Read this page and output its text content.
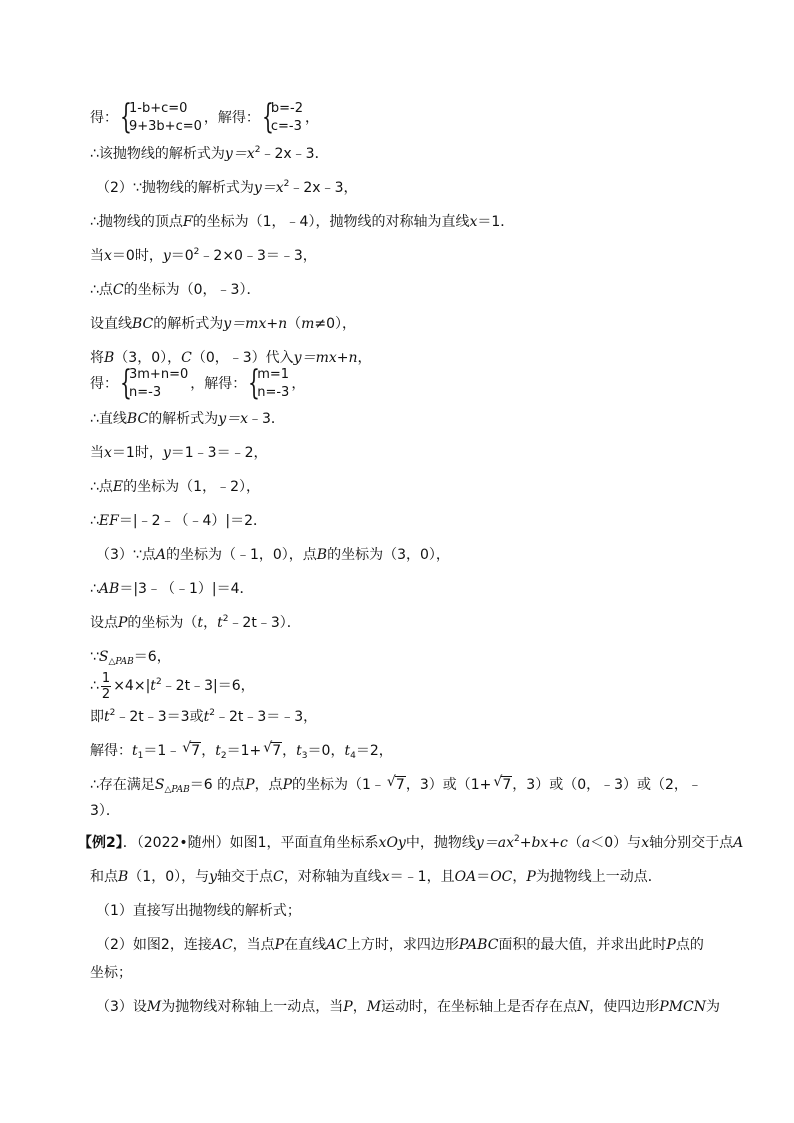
得： {
1-b+c=0
9+3b+c=0
，解得： {
b=-2
c=-3
，
∴该抛物线的解析式为$y=x^2﹣2x﹣3$．
（2）∵抛物线的解析式为$y=x^2﹣2x﹣3$，
∴抛物线的顶点F的坐标为（1，﹣4），抛物线的对称轴为直线x＝1．
当x＝0时，$y=0^2﹣2\times 0﹣3=﹣3$，
∴点C的坐标为（0，﹣3）．
设直线BC的解析式为y＝mx+n（m≠0），
将B（3，0），C（0，﹣3）代入y＝mx+n，
得： {
3m+n=0
n=-3
，解得： {
m=1
n=-3
，
∴直线BC的解析式为y＝x﹣3．
当x＝1时，y＝1﹣3＝﹣2，
∴点E的坐标为（1，﹣2），
∴EF＝|﹣2﹣（﹣4）|＝2．
（3）∵点A的坐标为（﹣1，0），点B的坐标为（3，0），
∴AB＝|3﹣（﹣1）|＝4．
设点P的坐标为（t，$t^2﹣2t﹣3$）．
$\because S_{\triangle PAB}=6$，
∴ $\frac{1}{2}$ $\times 4\times|t^2﹣2t﹣3|=6$，
即$t^2﹣2t﹣3=3$或$t^2﹣2t﹣3=﹣3$，
解得：$t_1=1﹣$ √ 7，$t_2=1+$ √ 7，$t_3=0$，$t_4=2$，
∴存在满足$S_{\triangle PAB}=6$ 的点P，点P的坐标为（1﹣ √ 7，3）或（1+ √ 7，3）或（0，﹣3）或（2，﹣
3）．
【例2】．（2022•随州）如图1，平面直角坐标系xOy中，抛物线$y=ax^2+bx+c(a<0)$与x轴分别交于点A
和点B（1，0），与y轴交于点C，对称轴为直线x＝﹣1，且OA＝OC，P为抛物线上一动点．
（1）直接写出抛物线的解析式；
（2）如图2，连接AC，当点P在直线AC上方时，求四边形PABC面积的最大值，并求出此时P点的
坐标；
（3）设M为抛物线对称轴上一动点，当P，M运动时，在坐标轴上是否存在点N，使四边形PMCN为
